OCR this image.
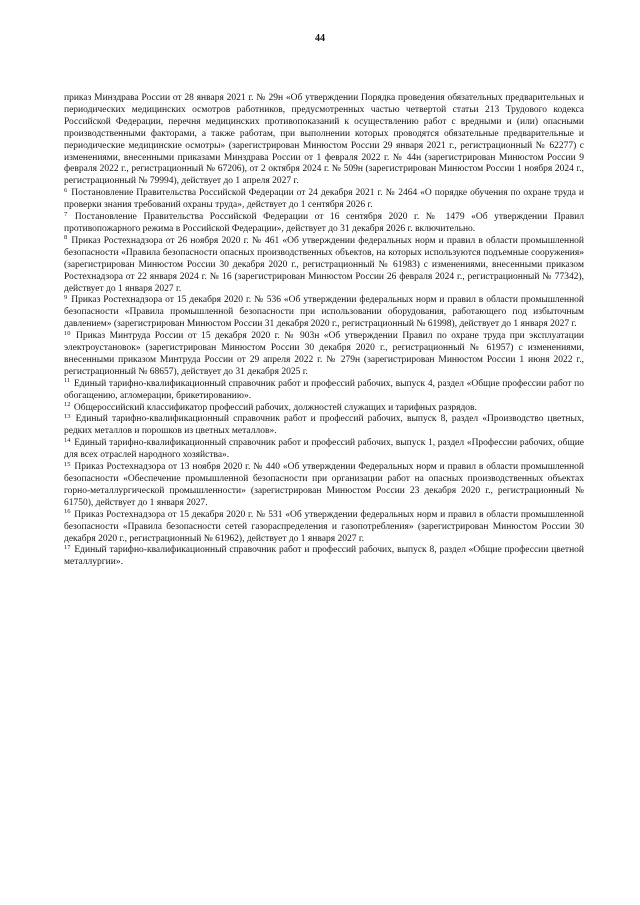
44

приказ Минздрава России от 28 января 2021 г. № 29н «Об утверждении Порядка проведения обязательных предварительных и периодических медицинских осмотров работников, предусмотренных частью четвертой статьи 213 Трудового кодекса Российской Федерации, перечня медицинских противопоказаний к осуществлению работ с вредными и (или) опасными производственными факторами, а также работам, при выполнении которых проводятся обязательные предварительные и периодические медицинские осмотры» (зарегистрирован Минюстом России 29 января 2021 г., регистрационный № 62277) с изменениями, внесенными приказами Минздрава России от 1 февраля 2022 г. № 44н (зарегистрирован Минюстом России 9 февраля 2022 г., регистрационный № 67206), от 2 октября 2024 г. № 509н (зарегистрирован Минюстом России 1 ноября 2024 г., регистрационный № 79994), действует до 1 апреля 2027 г.

$^6$ Постановление Правительства Российской Федерации от 24 декабря 2021 г. № 2464 «О порядке обучения по охране труда и проверки знания требований охраны труда», действует до 1 сентября 2026 г.

$^7$ Постановление Правительства Российской Федерации от 16 сентября 2020 г. № 1479 «Об утверждении Правил противопожарного режима в Российской Федерации», действует до 31 декабря 2026 г. включительно.

$^8$ Приказ Ростехнадзора от 26 ноября 2020 г. № 461 «Об утверждении федеральных норм и правил в области промышленной безопасности «Правила безопасности опасных производственных объектов, на которых используются подъемные сооружения» (зарегистрирован Минюстом России 30 декабря 2020 г., регистрационный № 61983) с изменениями, внесенными приказом Ростехнадзора от 22 января 2024 г. № 16 (зарегистрирован Минюстом России 26 февраля 2024 г., регистрационный № 77342), действует до 1 января 2027 г.

$^9$ Приказ Ростехнадзора от 15 декабря 2020 г. № 536 «Об утверждении федеральных норм и правил в области промышленной безопасности «Правила промышленной безопасности при использовании оборудования, работающего под избыточным давлением» (зарегистрирован Минюстом России 31 декабря 2020 г., регистрационный № 61998), действует до 1 января 2027 г.

$^{10}$ Приказ Минтруда России от 15 декабря 2020 г. № 903н «Об утверждении Правил по охране труда при эксплуатации электроустановок» (зарегистрирован Минюстом России 30 декабря 2020 г., регистрационный № 61957) с изменениями, внесенными приказом Минтруда России от 29 апреля 2022 г. № 279н (зарегистрирован Минюстом России 1 июня 2022 г., регистрационный № 68657), действует до 31 декабря 2025 г.

$^{11}$ Единый тарифно-квалификационный справочник работ и профессий рабочих, выпуск 4, раздел «Общие профессии работ по обогащению, агломерации, брикетированию».

$^{12}$ Общероссийский классификатор профессий рабочих, должностей служащих и тарифных разрядов.

$^{13}$ Единый тарифно-квалификационный справочник работ и профессий рабочих, выпуск 8, раздел «Производство цветных, редких металлов и порошков из цветных металлов».

$^{14}$ Единый тарифно-квалификационный справочник работ и профессий рабочих, выпуск 1, раздел «Профессии рабочих, общие для всех отраслей народного хозяйства».

$^{15}$ Приказ Ростехнадзора от 13 ноября 2020 г. № 440 «Об утверждении Федеральных норм и правил в области промышленной безопасности «Обеспечение промышленной безопасности при организации работ на опасных производственных объектах горно-металлургической промышленности» (зарегистрирован Минюстом России 23 декабря 2020 г., регистрационный № 61750), действует до 1 января 2027.

$^{16}$ Приказ Ростехнадзора от 15 декабря 2020 г. № 531 «Об утверждении федеральных норм и правил в области промышленной безопасности «Правила безопасности сетей газораспределения и газопотребления» (зарегистрирован Минюстом России 30 декабря 2020 г., регистрационный № 61962), действует до 1 января 2027 г.

$^{17}$ Единый тарифно-квалификационный справочник работ и профессий рабочих, выпуск 8, раздел «Общие профессии цветной металлургии».
